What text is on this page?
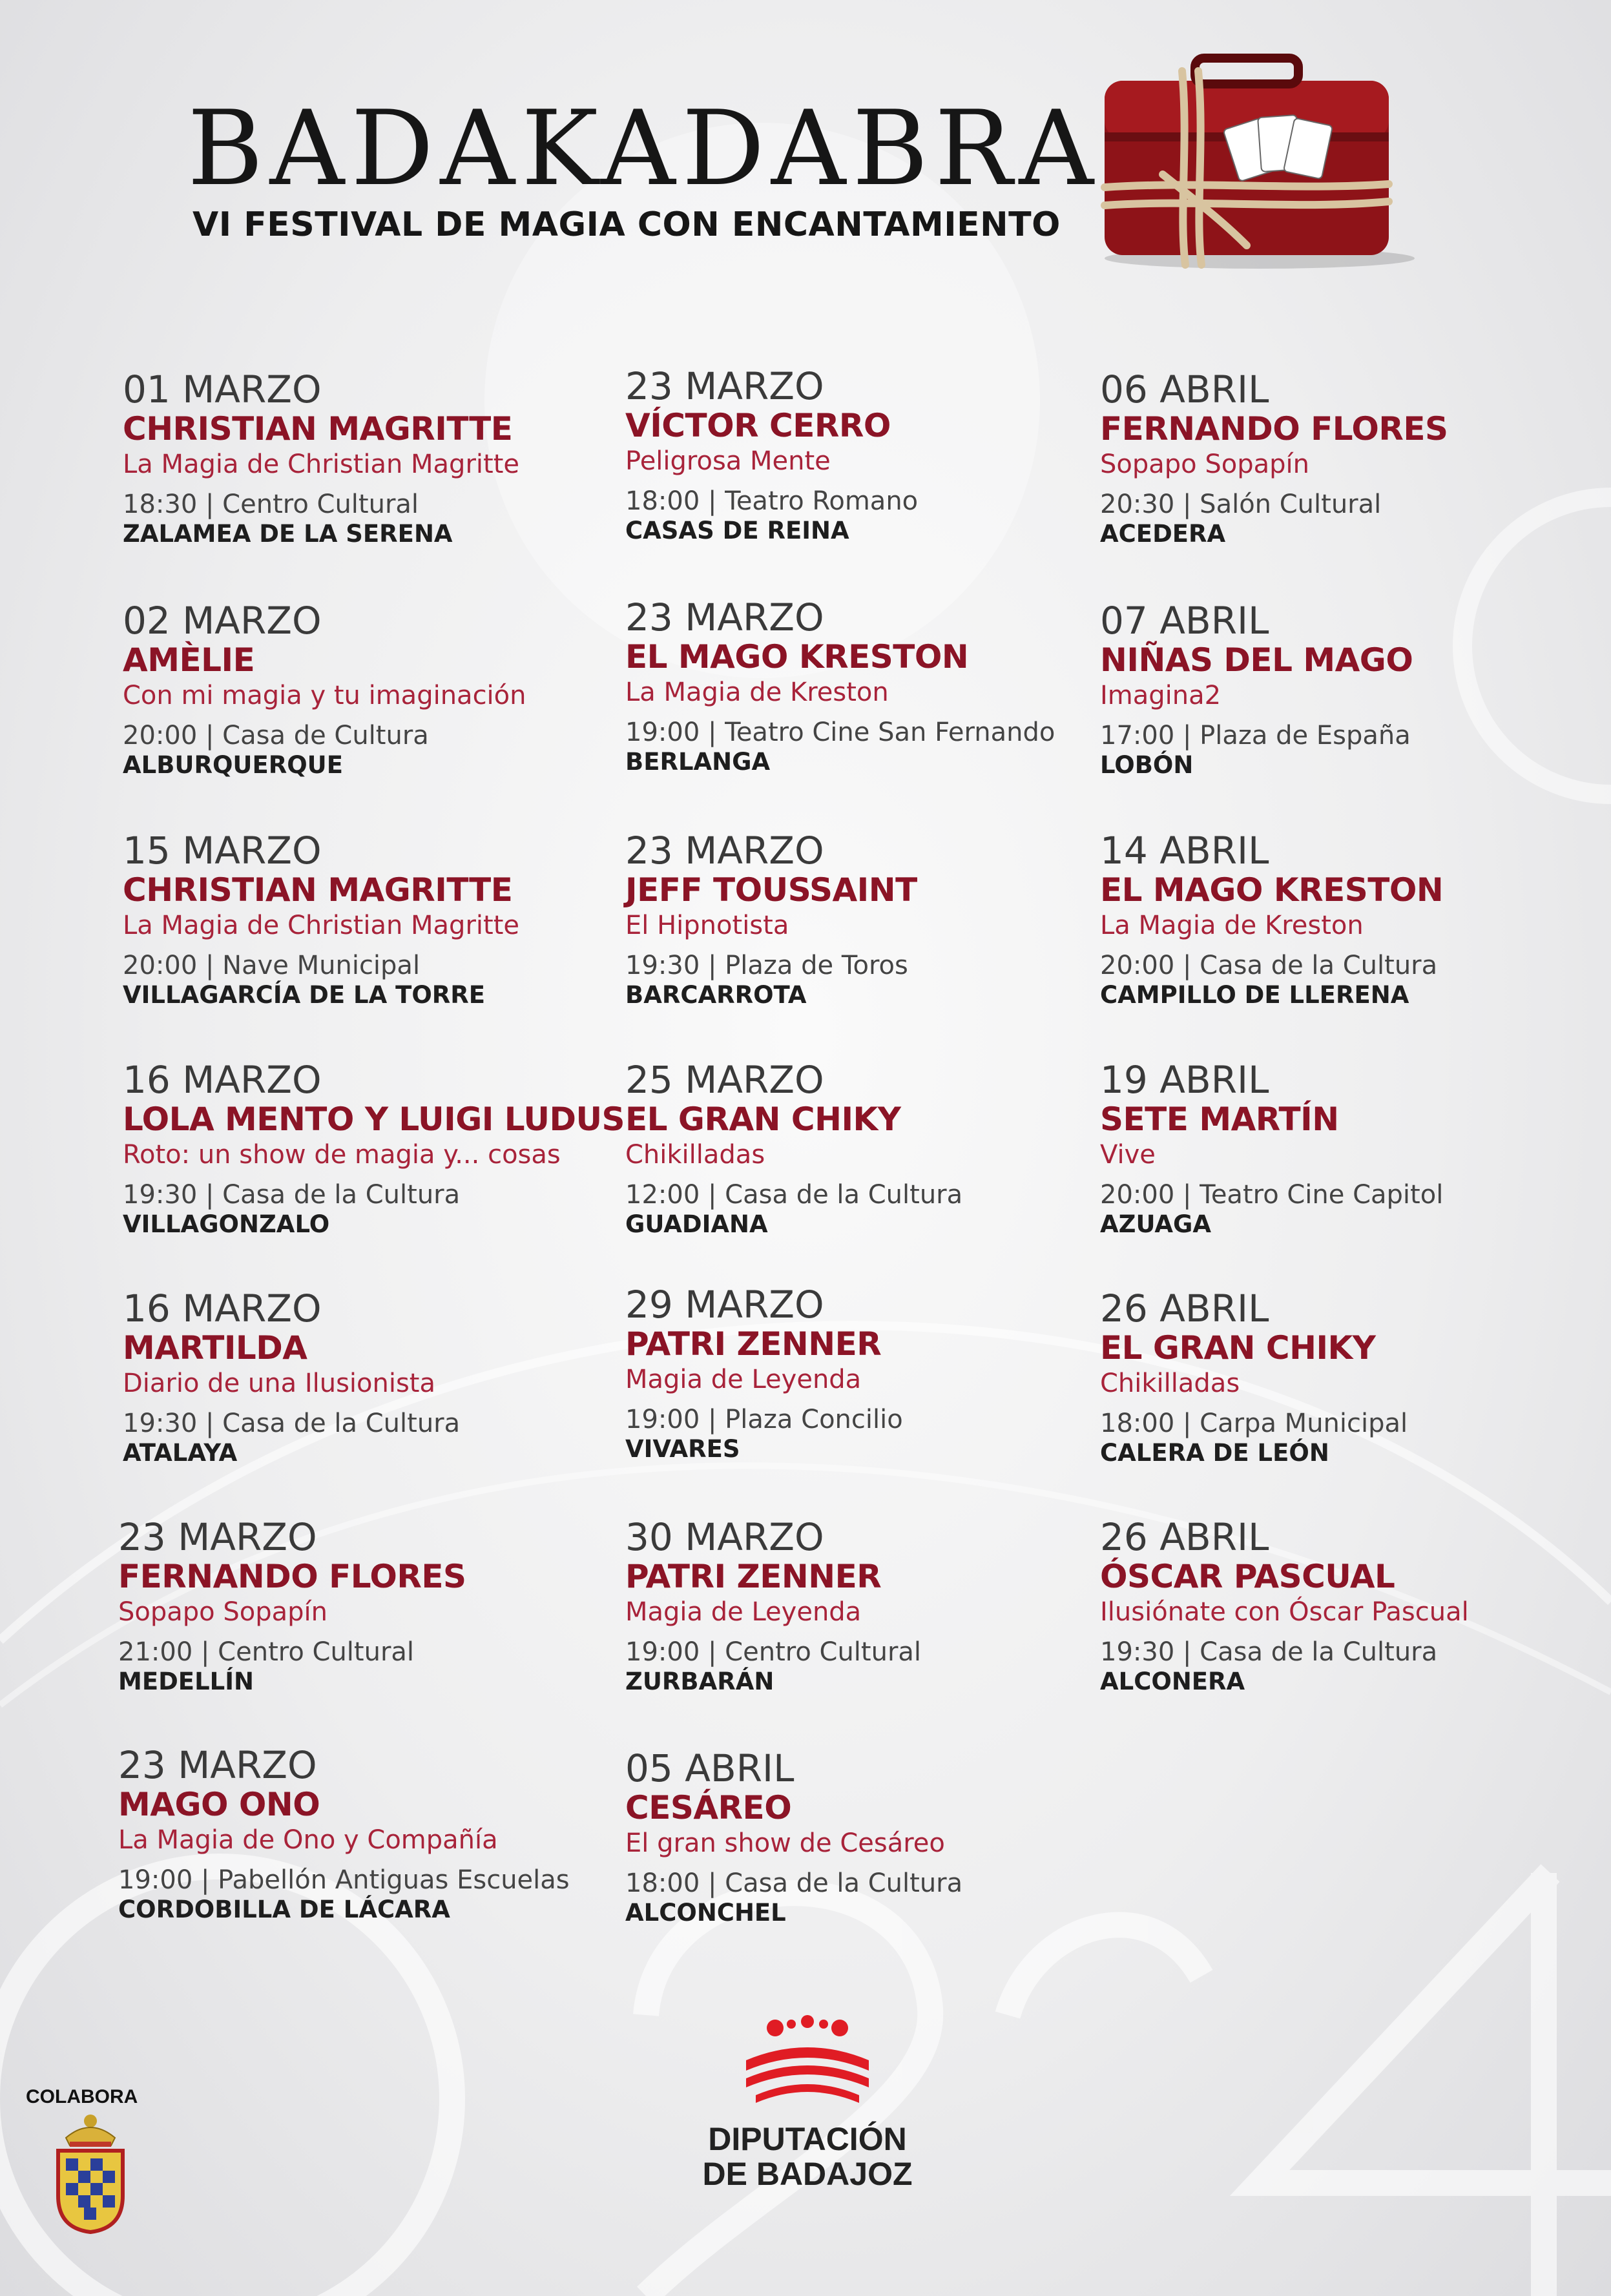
BADAKADABRA

VI FESTIVAL DE MAGIA CON ENCANTAMIENTO

01 MARZO
CHRISTIAN MAGRITTE
La Magia de Christian Magritte
18:30 | Centro Cultural
ZALAMEA DE LA SERENA
02 MARZO
AMÈLIE
Con mi magia y tu imaginación
20:00 | Casa de Cultura
ALBURQUERQUE
15 MARZO
CHRISTIAN MAGRITTE
La Magia de Christian Magritte
20:00 | Nave Municipal
VILLAGARCÍA DE LA TORRE
16 MARZO
LOLA MENTO Y LUIGI LUDUS
Roto: un show de magia y... cosas
19:30 | Casa de la Cultura
VILLAGONZALO
16 MARZO
MARTILDA
Diario de una Ilusionista
19:30 | Casa de la Cultura
ATALAYA
23 MARZO
FERNANDO FLORES
Sopapo Sopapín
21:00 | Centro Cultural
MEDELLÍN
23 MARZO
MAGO ONO
La Magia de Ono y Compañía
19:00 | Pabellón Antiguas Escuelas
CORDOBILLA DE LÁCARA
23 MARZO
VÍCTOR CERRO
Peligrosa Mente
18:00 | Teatro Romano
CASAS DE REINA
23 MARZO
EL MAGO KRESTON
La Magia de Kreston
19:00 | Teatro Cine San Fernando
BERLANGA
23 MARZO
JEFF TOUSSAINT
El Hipnotista
19:30 | Plaza de Toros
BARCARROTA
25 MARZO
EL GRAN CHIKY
Chikilladas
12:00 | Casa de la Cultura
GUADIANA
29 MARZO
PATRI ZENNER
Magia de Leyenda
19:00 | Plaza Concilio
VIVARES
30 MARZO
PATRI ZENNER
Magia de Leyenda
19:00 | Centro Cultural
ZURBARÁN
05 ABRIL
CESÁREO
El gran show de Cesáreo
18:00 | Casa de la Cultura
ALCONCHEL
06 ABRIL
FERNANDO FLORES
Sopapo Sopapín
20:30 | Salón Cultural
ACEDERA
07 ABRIL
NIÑAS DEL MAGO
Imagina2
17:00 | Plaza de España
LOBÓN
14 ABRIL
EL MAGO KRESTON
La Magia de Kreston
20:00 | Casa de la Cultura
CAMPILLO DE LLERENA
19 ABRIL
SETE MARTÍN
Vive
20:00 | Teatro Cine Capitol
AZUAGA
26 ABRIL
EL GRAN CHIKY
Chikilladas
18:00 | Carpa Municipal
CALERA DE LEÓN
26 ABRIL
ÓSCAR PASCUAL
Ilusiónate con Óscar Pascual
19:30 | Casa de la Cultura
ALCONERA

COLABORA

DIPUTACIÓN
DE BADAJOZ
